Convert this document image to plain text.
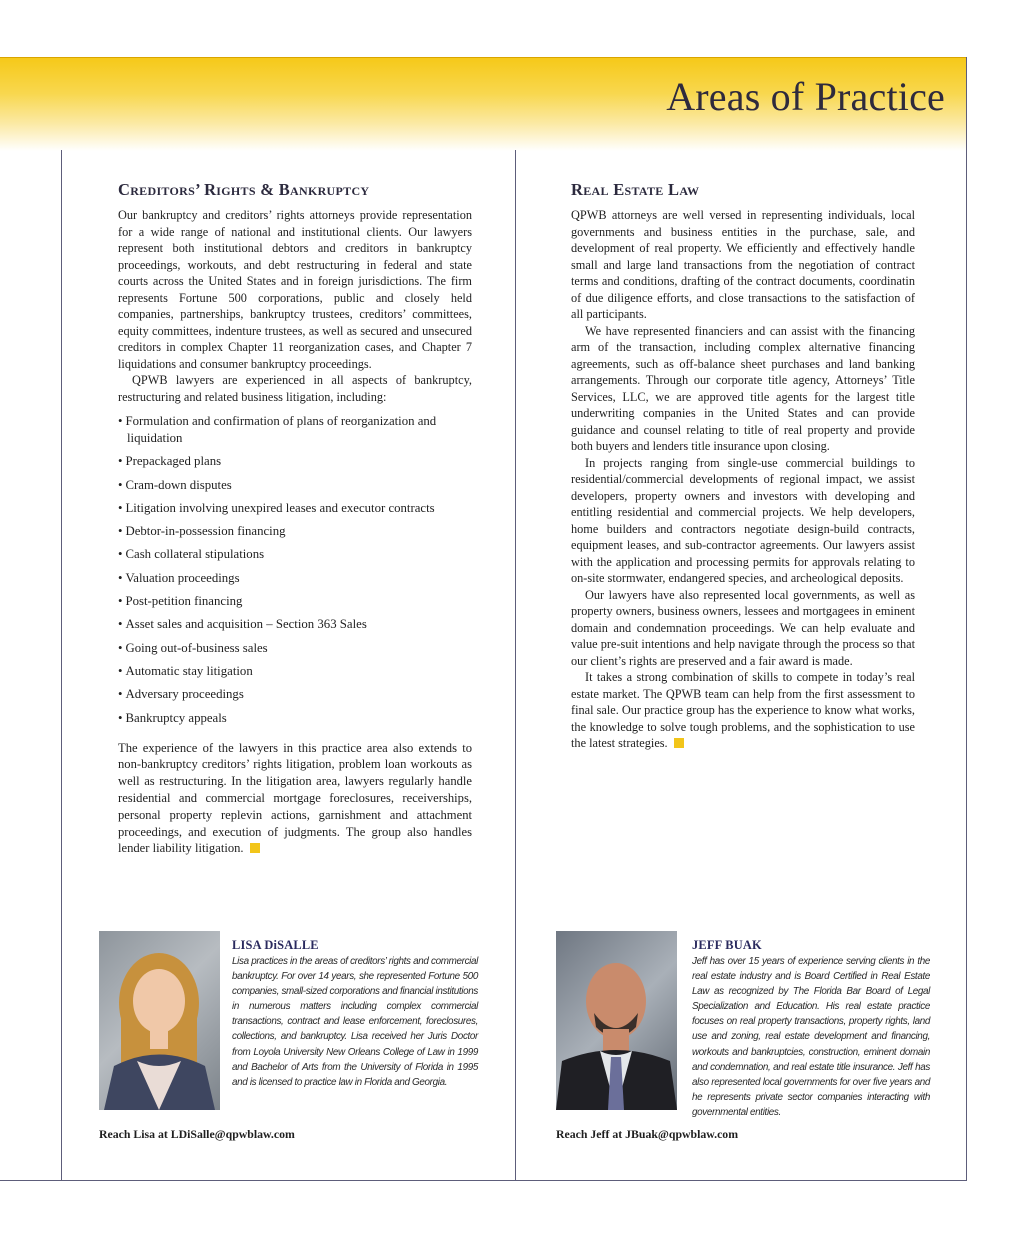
Areas of Practice
Creditors’ Rights & Bankruptcy

Our bankruptcy and creditors’ rights attorneys provide representation for a wide range of national and institutional clients. Our lawyers represent both institutional debtors and creditors in bankruptcy proceedings, workouts, and debt restructuring in federal and state courts across the United States and in foreign jurisdictions. The firm represents Fortune 500 corporations, public and closely held companies, partnerships, bankruptcy trustees, creditors’ committees, equity committees, indenture trustees, as well as secured and unsecured creditors in complex Chapter 11 reorganization cases, and Chapter 7 liquidations and consumer bankruptcy proceedings.

QPWB lawyers are experienced in all aspects of bankruptcy, restructuring and related business litigation, including:

• Formulation and confirmation of plans of reorganization and liquidation
• Prepackaged plans
• Cram-down disputes
• Litigation involving unexpired leases and executor contracts
• Debtor-in-possession financing
• Cash collateral stipulations
• Valuation proceedings
• Post-petition financing
• Asset sales and acquisition – Section 363 Sales
• Going out-of-business sales
• Automatic stay litigation
• Adversary proceedings
• Bankruptcy appeals

The experience of the lawyers in this practice area also extends to non-bankruptcy creditors’ rights litigation, problem loan workouts as well as restructuring. In the litigation area, lawyers regularly handle residential and commercial mortgage foreclosures, receiverships, personal property replevin actions, garnishment and attachment proceedings, and execution of judgments. The group also handles lender liability litigation.

Real Estate Law

QPWB attorneys are well versed in representing individuals, local governments and business entities in the purchase, sale, and development of real property. We efficiently and effectively handle small and large land transactions from the negotiation of contract terms and conditions, drafting of the contract documents, coordinatin of due diligence efforts, and close transactions to the satisfaction of all participants.

We have represented financiers and can assist with the financing arm of the transaction, including complex alternative financing agreements, such as off-balance sheet purchases and land banking arrangements. Through our corporate title agency, Attorneys’ Title Services, LLC, we are approved title agents for the largest title underwriting companies in the United States and can provide guidance and counsel relating to title of real property and provide both buyers and lenders title insurance upon closing.

In projects ranging from single-use commercial buildings to residential/commercial developments of regional impact, we assist developers, property owners and investors with developing and entitling residential and commercial projects. We help developers, home builders and contractors negotiate design-build contracts, equipment leases, and sub-contractor agreements. Our lawyers assist with the application and processing permits for approvals relating to on-site stormwater, endangered species, and archeological deposits.

Our lawyers have also represented local governments, as well as property owners, business owners, lessees and mortgagees in eminent domain and condemnation proceedings. We can help evaluate and value pre-suit intentions and help navigate through the process so that our client’s rights are preserved and a fair award is made.

It takes a strong combination of skills to compete in today’s real estate market. The QPWB team can help from the first assessment to final sale. Our practice group has the experience to know what works, the knowledge to solve tough problems, and the sophistication to use the latest strategies.

LISA DiSALLE

Lisa practices in the areas of creditors’ rights and commercial bankruptcy. For over 14 years, she represented Fortune 500 companies, small-sized corporations and financial institutions in numerous matters including complex commercial transactions, contract and lease enforcement, foreclosures, collections, and bankruptcy. Lisa received her Juris Doctor from Loyola University New Orleans College of Law in 1999 and Bachelor of Arts from the University of Florida in 1995 and is licensed to practice law in Florida and Georgia.

Reach Lisa at LDiSalle@qpwblaw.com

JEFF BUAK

Jeff has over 15 years of experience serving clients in the real estate industry and is Board Certified in Real Estate Law as recognized by The Florida Bar Board of Legal Specialization and Education. His real estate practice focuses on real property transactions, property rights, land use and zoning, real estate development and financing, workouts and bankruptcies, construction, eminent domain and condemnation, and real estate title insurance. Jeff has also represented local governments for over five years and he represents private sector companies interacting with governmental entities.

Reach Jeff at JBuak@qpwblaw.com
